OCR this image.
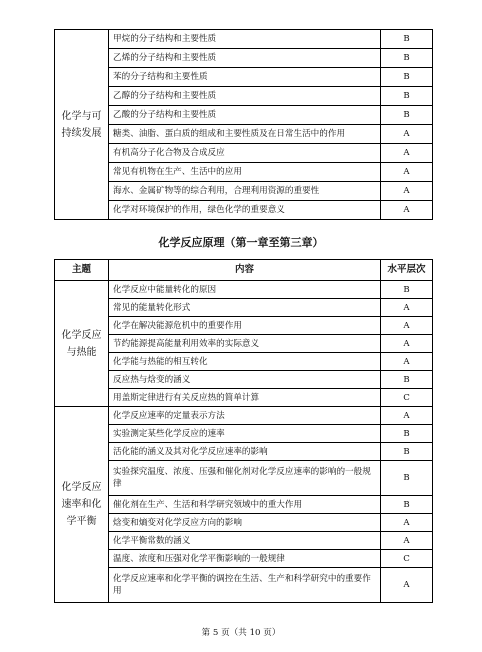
化学与可
持续发展	甲烷的分子结构和主要性质	B
	乙烯的分子结构和主要性质	B
	苯的分子结构和主要性质	B
	乙醇的分子结构和主要性质	B
	乙酸的分子结构和主要性质	B
	糖类、油脂、蛋白质的组成和主要性质及在日常生活中的作用	A
	有机高分子化合物及合成反应	A
	常见有机物在生产、生活中的应用	A
	海水、金属矿物等的综合利用，合理利用资源的重要性	A
	化学对环境保护的作用，绿色化学的重要意义	A
化学反应原理（第一章至第三章）
主题	内容	水平层次
化学反应
与热能	化学反应中能量转化的原因	B
	常见的能量转化形式	A
	化学在解决能源危机中的重要作用	A
	节约能源提高能量利用效率的实际意义	A
	化学能与热能的相互转化	A
	反应热与焓变的涵义	B
	用盖斯定律进行有关反应热的简单计算	C
化学反应
速率和化
学平衡	化学反应速率的定量表示方法	A
	实验测定某些化学反应的速率	B
	活化能的涵义及其对化学反应速率的影响	B
	实验探究温度、浓度、压强和催化剂对化学反应速率的影响的一般规律	B
	催化剂在生产、生活和科学研究领域中的重大作用	B
	焓变和熵变对化学反应方向的影响	A
	化学平衡常数的涵义	A
	温度、浓度和压强对化学平衡影响的一般规律	C
	化学反应速率和化学平衡的调控在生活、生产和科学研究中的重要作用	A
第 5 页（共 10 页）
